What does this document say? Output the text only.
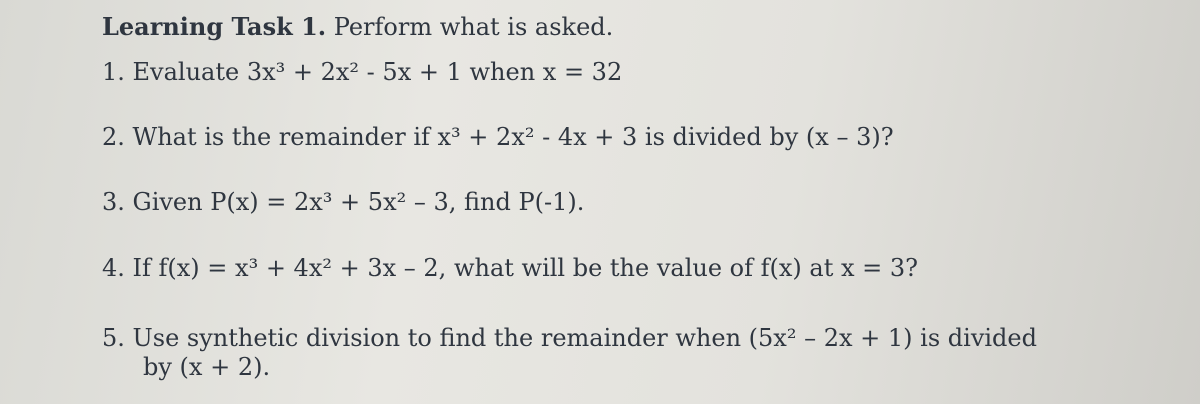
Learning Task 1. Perform what is asked.
1. Evaluate 3x³ + 2x² - 5x + 1 when x = 32
2. What is the remainder if x³ + 2x² - 4x + 3 is divided by (x – 3)?
3. Given P(x) = 2x³ + 5x² – 3, find P(-1).
4. If f(x) = x³ + 4x² + 3x – 2, what will be the value of f(x) at x = 3?
5. Use synthetic division to find the remainder when (5x² – 2x + 1) is divided
by (x + 2).
